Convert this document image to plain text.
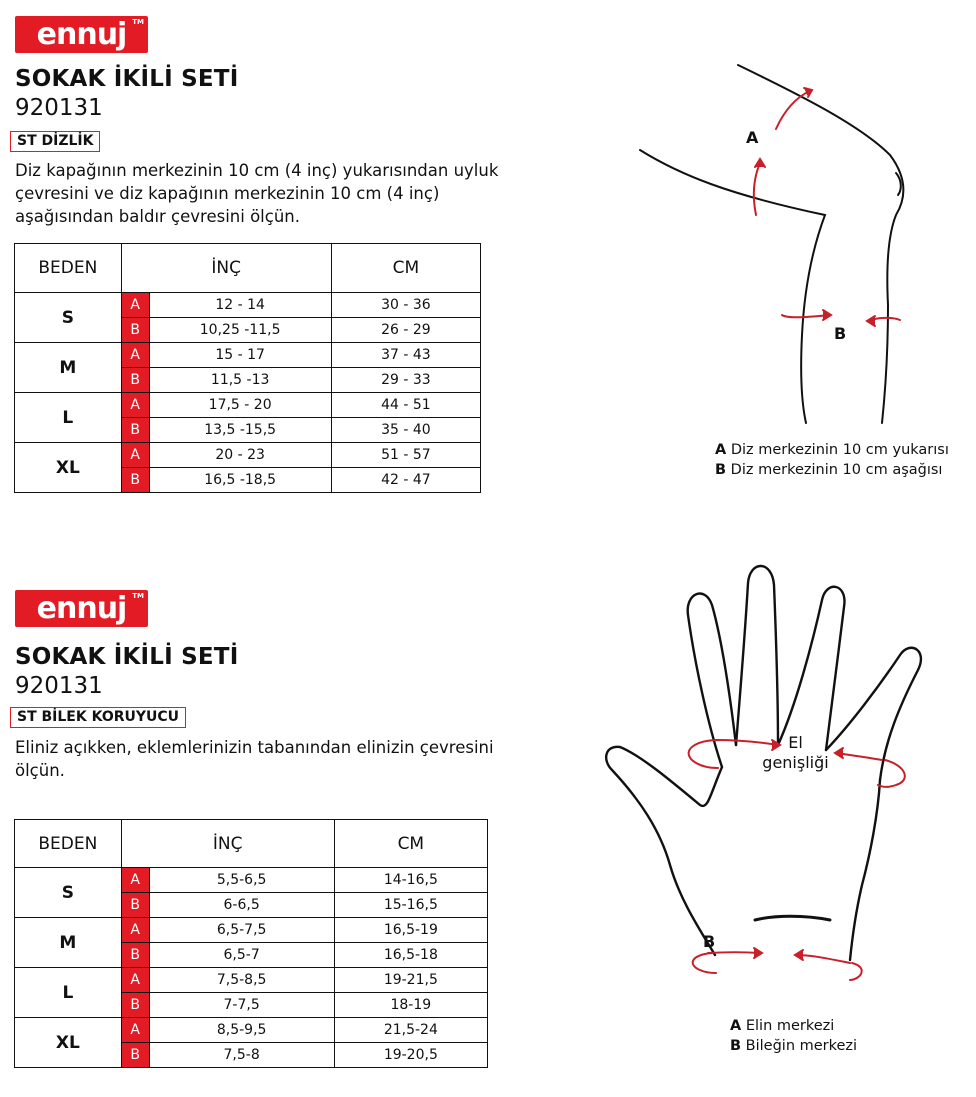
ennuj TM
SOKAK İKİLİ SETİ
920131
ST DİZLİK
Diz kapağının merkezinin 10 cm (4 inç) yukarısından uyluk çevresini ve diz kapağının merkezinin 10 cm (4 inç) aşağısından baldır çevresini ölçün.
BEDEN	İNÇ		CM
S	A	12 - 14	30 - 36
	B	10,25 -11,5	26 - 29
M	A	15 - 17	37 - 43
	B	11,5 -13	29 - 33
L	A	17,5 - 20	44 - 51
	B	13,5 -15,5	35 - 40
XL	A	20 - 23	51 - 57
	B	16,5 -18,5	42 - 47
A
B
A Diz merkezinin 10 cm yukarısı
B Diz merkezinin 10 cm aşağısı
ennuj TM
SOKAK İKİLİ SETİ
920131
ST BİLEK KORUYUCU
Eliniz açıkken, eklemlerinizin tabanından elinizin çevresini ölçün.
BEDEN	İNÇ		CM
S	A	5,5-6,5	14-16,5
	B	6-6,5	15-16,5
M	A	6,5-7,5	16,5-19
	B	6,5-7	16,5-18
L	A	7,5-8,5	19-21,5
	B	7-7,5	18-19
XL	A	8,5-9,5	21,5-24
	B	7,5-8	19-20,5
El
genişliği
B
A Elin merkezi
B Bileğin merkezi
